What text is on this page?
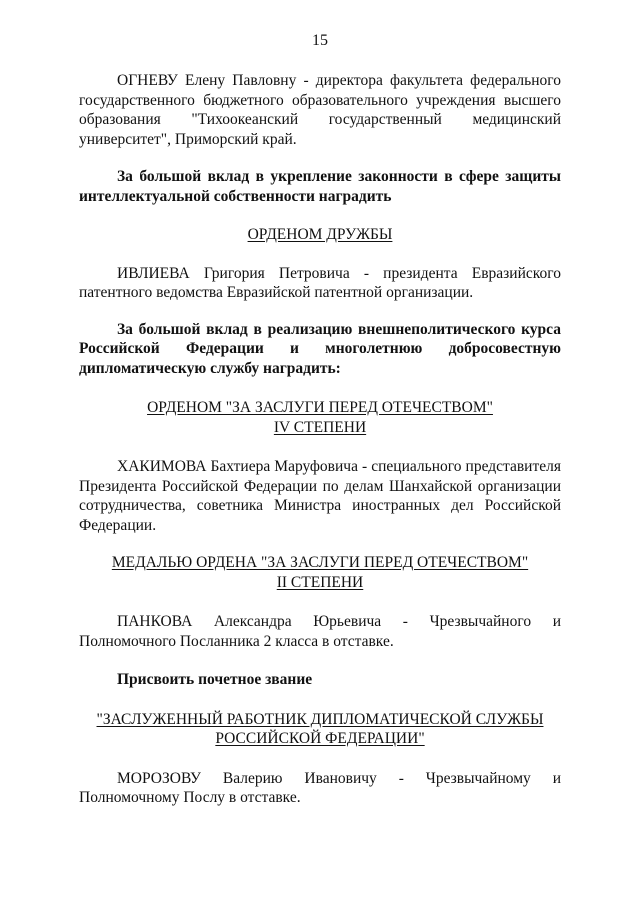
15

ОГНЕВУ Елену Павловну - директора факультета федерального государственного бюджетного образовательного учреждения высшего образования "Тихоокеанский государственный медицинский университет", Приморский край.

За большой вклад в укрепление законности в сфере защиты интеллектуальной собственности наградить

ОРДЕНОМ ДРУЖБЫ

ИВЛИЕВА Григория Петровича - президента Евразийского патентного ведомства Евразийской патентной организации.

За большой вклад в реализацию внешнеполитического курса Российской Федерации и многолетнюю добросовестную дипломатическую службу наградить:

ОРДЕНОМ "ЗА ЗАСЛУГИ ПЕРЕД ОТЕЧЕСТВОМ"
IV СТЕПЕНИ

ХАКИМОВА Бахтиера Маруфовича - специального представителя Президента Российской Федерации по делам Шанхайской организации сотрудничества, советника Министра иностранных дел Российской Федерации.

МЕДАЛЬЮ ОРДЕНА "ЗА ЗАСЛУГИ ПЕРЕД ОТЕЧЕСТВОМ"
II СТЕПЕНИ

ПАНКОВА Александра Юрьевича - Чрезвычайного и Полномочного Посланника 2 класса в отставке.

Присвоить почетное звание

"ЗАСЛУЖЕННЫЙ РАБОТНИК ДИПЛОМАТИЧЕСКОЙ СЛУЖБЫ
РОССИЙСКОЙ ФЕДЕРАЦИИ"

МОРОЗОВУ Валерию Ивановичу - Чрезвычайному и Полномочному Послу в отставке.
